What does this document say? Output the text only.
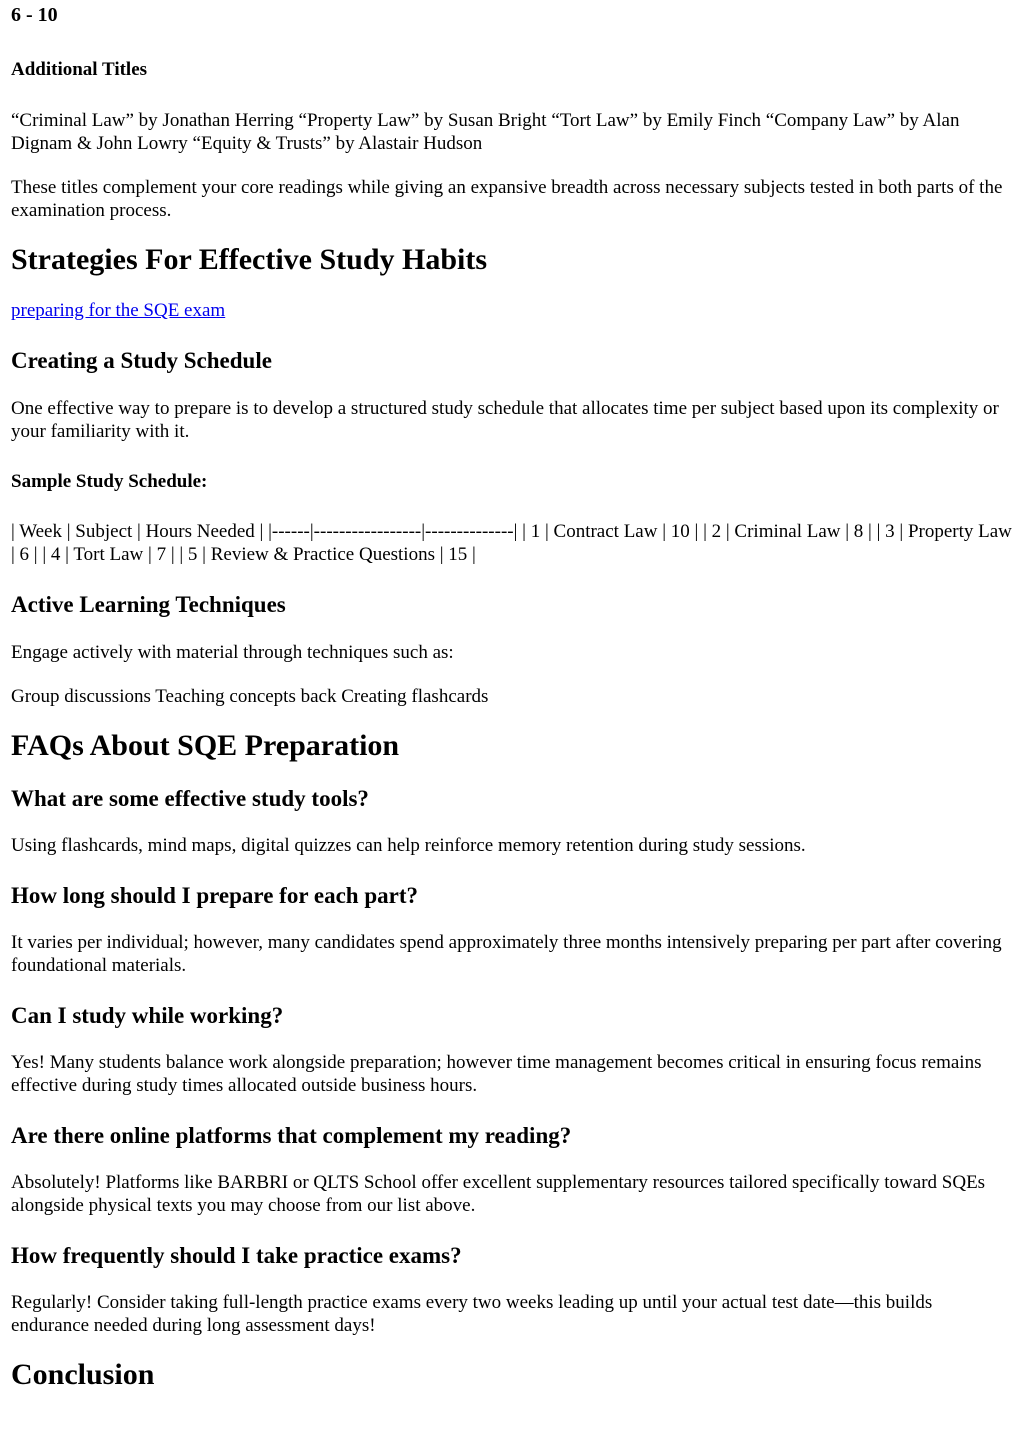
6 - 10
Additional Titles

“Criminal Law” by Jonathan Herring “Property Law” by Susan Bright “Tort Law” by Emily Finch “Company Law” by Alan Dignam & John Lowry “Equity & Trusts” by Alastair Hudson

These titles complement your core readings while giving an expansive breadth across necessary subjects tested in both parts of the examination process.

Strategies For Effective Study Habits

preparing for the SQE exam

Creating a Study Schedule

One effective way to prepare is to develop a structured study schedule that allocates time per subject based upon its complexity or your familiarity with it.

Sample Study Schedule:

| Week | Subject | Hours Needed | |------|-----------------|--------------| | 1 | Contract Law | 10 | | 2 | Criminal Law | 8 | | 3 | Property Law | 6 | | 4 | Tort Law | 7 | | 5 | Review & Practice Questions | 15 |

Active Learning Techniques

Engage actively with material through techniques such as:

Group discussions Teaching concepts back Creating flashcards

FAQs About SQE Preparation
What are some effective study tools?

Using flashcards, mind maps, digital quizzes can help reinforce memory retention during study sessions.

How long should I prepare for each part?

It varies per individual; however, many candidates spend approximately three months intensively preparing per part after covering foundational materials.

Can I study while working?

Yes! Many students balance work alongside preparation; however time management becomes critical in ensuring focus remains effective during study times allocated outside business hours.

Are there online platforms that complement my reading?

Absolutely! Platforms like BARBRI or QLTS School offer excellent supplementary resources tailored specifically toward SQEs alongside physical texts you may choose from our list above.

How frequently should I take practice exams?

Regularly! Consider taking full-length practice exams every two weeks leading up until your actual test date—this builds endurance needed during long assessment days!

Conclusion
